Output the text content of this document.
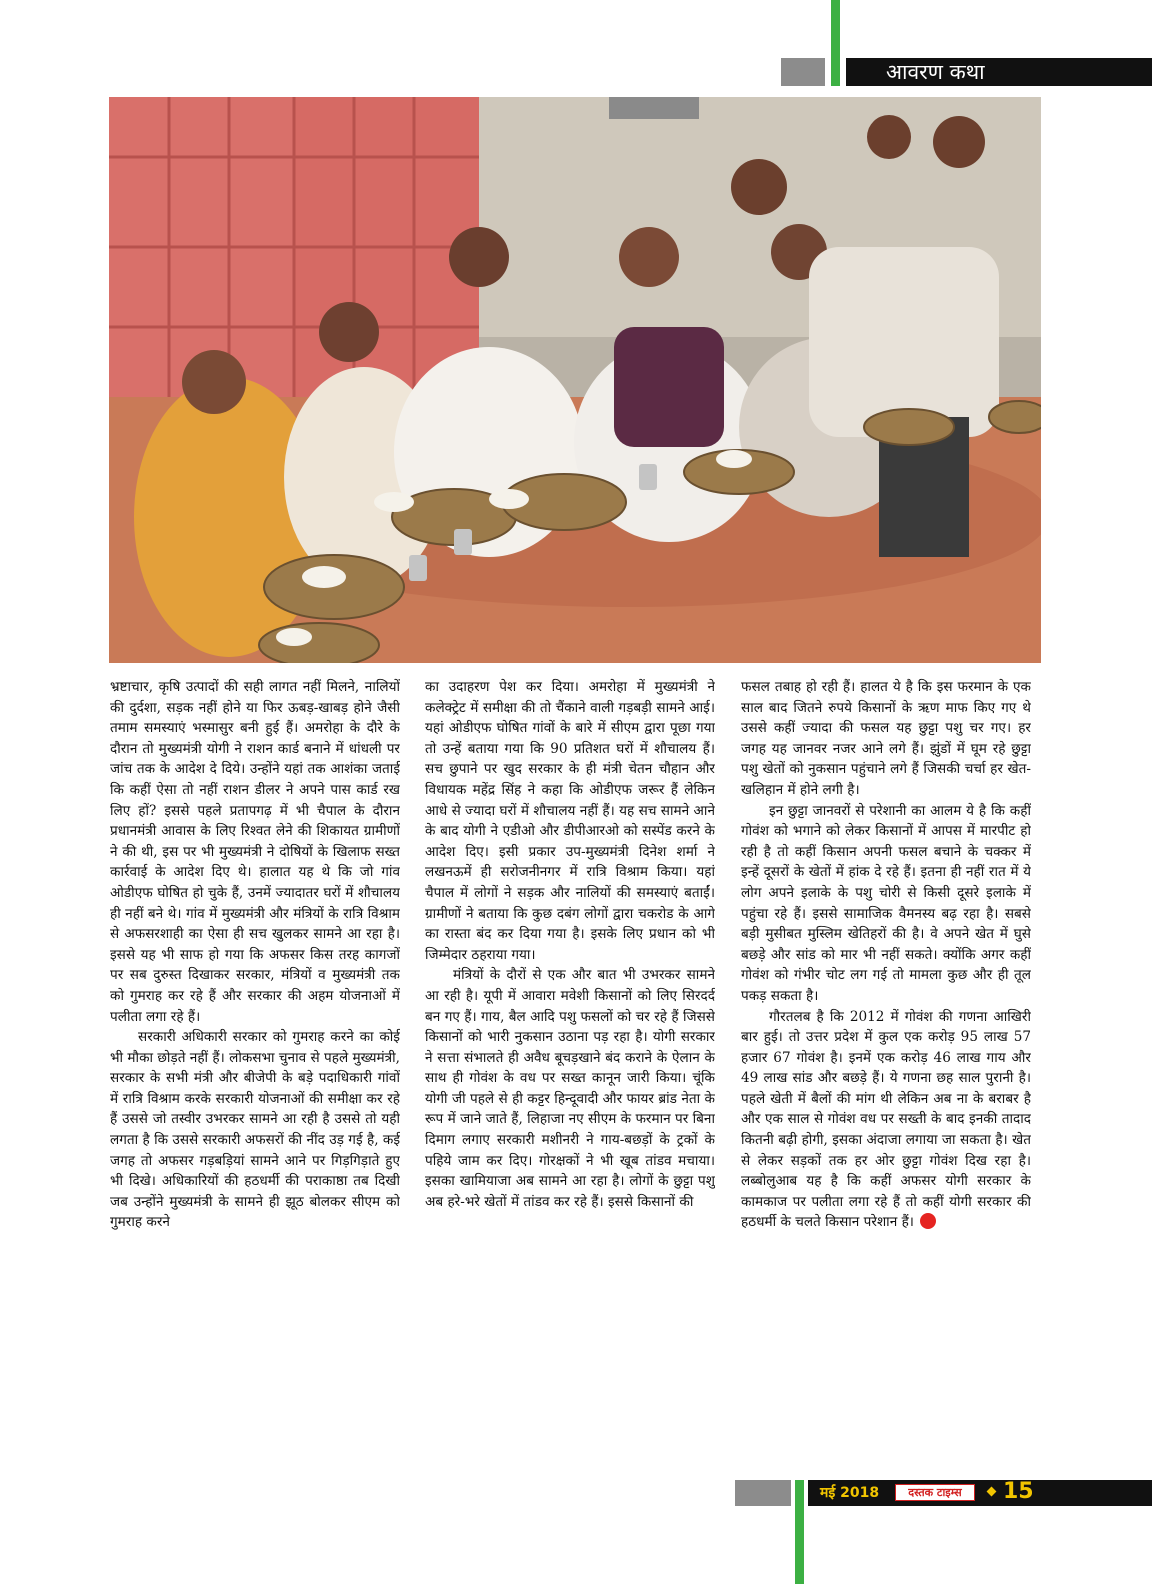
आवरण कथा

भ्रष्टाचार, कृषि उत्पादों की सही लागत नहीं मिलने, नालियों की दुर्दशा, सड़क नहीं होने या फिर ऊबड़-खाबड़ होने जैसी तमाम समस्याएं भस्मासुर बनी हुई हैं। अमरोहा के दौरे के दौरान तो मुख्यमंत्री योगी ने राशन कार्ड बनाने में धांधली पर जांच तक के आदेश दे दिये। उन्होंने यहां तक आशंका जताई कि कहीं ऐसा तो नहीं राशन डीलर ने अपने पास कार्ड रख लिए हों? इससे पहले प्रतापगढ़ में भी चैपाल के दौरान प्रधानमंत्री आवास के लिए रिश्वत लेने की शिकायत ग्रामीणों ने की थी, इस पर भी मुख्यमंत्री ने दोषियों के खिलाफ सख्त कार्रवाई के आदेश दिए थे। हालात यह थे कि जो गांव ओडीएफ घोषित हो चुके हैं, उनमें ज्यादातर घरों में शौचालय ही नहीं बने थे। गांव में मुख्यमंत्री और मंत्रियों के रात्रि विश्राम से अफसरशाही का ऐसा ही सच खुलकर सामने आ रहा है। इससे यह भी साफ हो गया कि अफसर किस तरह कागजों पर सब दुरुस्त दिखाकर सरकार, मंत्रियों व मुख्यमंत्री तक को गुमराह कर रहे हैं और सरकार की अहम योजनाओं में पलीता लगा रहे हैं।

सरकारी अधिकारी सरकार को गुमराह करने का कोई भी मौका छोड़ते नहीं हैं। लोकसभा चुनाव से पहले मुख्यमंत्री, सरकार के सभी मंत्री और बीजेपी के बड़े पदाधिकारी गांवों में रात्रि विश्राम करके सरकारी योजनाओं की समीक्षा कर रहे हैं उससे जो तस्वीर उभरकर सामने आ रही है उससे तो यही लगता है कि उससे सरकारी अफसरों की नींद उड़ गई है, कई जगह तो अफसर गड़बड़ियां सामने आने पर गिड़गिड़ाते हुए भी दिखे। अधिकारियों की हठधर्मी की पराकाष्ठा तब दिखी जब उन्होंने मुख्यमंत्री के सामने ही झूठ बोलकर सीएम को गुमराह करने

का उदाहरण पेश कर दिया। अमरोहा में मुख्यमंत्री ने कलेक्ट्रेट में समीक्षा की तो चैंकाने वाली गड़बड़ी सामने आई। यहां ओडीएफ घोषित गांवों के बारे में सीएम द्वारा पूछा गया तो उन्हें बताया गया कि 90 प्रतिशत घरों में शौचालय हैं। सच छुपाने पर खुद सरकार के ही मंत्री चेतन चौहान और विधायक महेंद्र सिंह ने कहा कि ओडीएफ जरूर हैं लेकिन आधे से ज्यादा घरों में शौचालय नहीं हैं। यह सच सामने आने के बाद योगी ने एडीओ और डीपीआरओ को सस्पेंड करने के आदेश दिए। इसी प्रकार उप-मुख्यमंत्री दिनेश शर्मा ने लखनऊमें ही सरोजनीनगर में रात्रि विश्राम किया। यहां चैपाल में लोगों ने सड़क और नालियों की समस्याएं बताईं। ग्रामीणों ने बताया कि कुछ दबंग लोगों द्वारा चकरोड के आगे का रास्ता बंद कर दिया गया है। इसके लिए प्रधान को भी जिम्मेदार ठहराया गया।

मंत्रियों के दौरों से एक और बात भी उभरकर सामने आ रही है। यूपी में आवारा मवेशी किसानों को लिए सिरदर्द बन गए हैं। गाय, बैल आदि पशु फसलों को चर रहे हैं जिससे किसानों को भारी नुकसान उठाना पड़ रहा है। योगी सरकार ने सत्ता संभालते ही अवैध बूचड़खाने बंद कराने के ऐलान के साथ ही गोवंश के वध पर सख्त कानून जारी किया। चूंकि योगी जी पहले से ही कट्टर हिन्दूवादी और फायर ब्रांड नेता के रूप में जाने जाते हैं, लिहाजा नए सीएम के फरमान पर बिना दिमाग लगाए सरकारी मशीनरी ने गाय-बछड़ों के ट्रकों के पहिये जाम कर दिए। गोरक्षकों ने भी खूब तांडव मचाया। इसका खामियाजा अब सामने आ रहा है। लोगों के छुट्टा पशु अब हरे-भरे खेतों में तांडव कर रहे हैं। इससे किसानों की

फसल तबाह हो रही हैं। हालत ये है कि इस फरमान के एक साल बाद जितने रुपये किसानों के ऋण माफ किए गए थे उससे कहीं ज्यादा की फसल यह छुट्टा पशु चर गए। हर जगह यह जानवर नजर आने लगे हैं। झुंडों में घूम रहे छुट्टा पशु खेतों को नुकसान पहुंचाने लगे हैं जिसकी चर्चा हर खेत-खलिहान में होने लगी है।

इन छुट्टा जानवरों से परेशानी का आलम ये है कि कहीं गोवंश को भगाने को लेकर किसानों में आपस में मारपीट हो रही है तो कहीं किसान अपनी फसल बचाने के चक्कर में इन्हें दूसरों के खेतों में हांक दे रहे हैं। इतना ही नहीं रात में ये लोग अपने इलाके के पशु चोरी से किसी दूसरे इलाके में पहुंचा रहे हैं। इससे सामाजिक वैमनस्य बढ़ रहा है। सबसे बड़ी मुसीबत मुस्लिम खेतिहरों की है। वे अपने खेत में घुसे बछड़े और सांड को मार भी नहीं सकते। क्योंकि अगर कहीं गोवंश को गंभीर चोट लग गई तो मामला कुछ और ही तूल पकड़ सकता है।

गौरतलब है कि 2012 में गोवंश की गणना आखिरी बार हुई। तो उत्तर प्रदेश में कुल एक करोड़ 95 लाख 57 हजार 67 गोवंश है। इनमें एक करोड़ 46 लाख गाय और 49 लाख सांड और बछड़े हैं। ये गणना छह साल पुरानी है। पहले खेती में बैलों की मांग थी लेकिन अब ना के बराबर है और एक साल से गोवंश वध पर सख्ती के बाद इनकी तादाद कितनी बढ़ी होगी, इसका अंदाजा लगाया जा सकता है। खेत से लेकर सड़कों तक हर ओर छुट्टा गोवंश दिख रहा है। लब्बोलुआब यह है कि कहीं अफसर योगी सरकार के कामकाज पर पलीता लगा रहे हैं तो कहीं योगी सरकार की हठधर्मी के चलते किसान परेशान हैं।

मई 2018	दस्तक टाइम्स	15
